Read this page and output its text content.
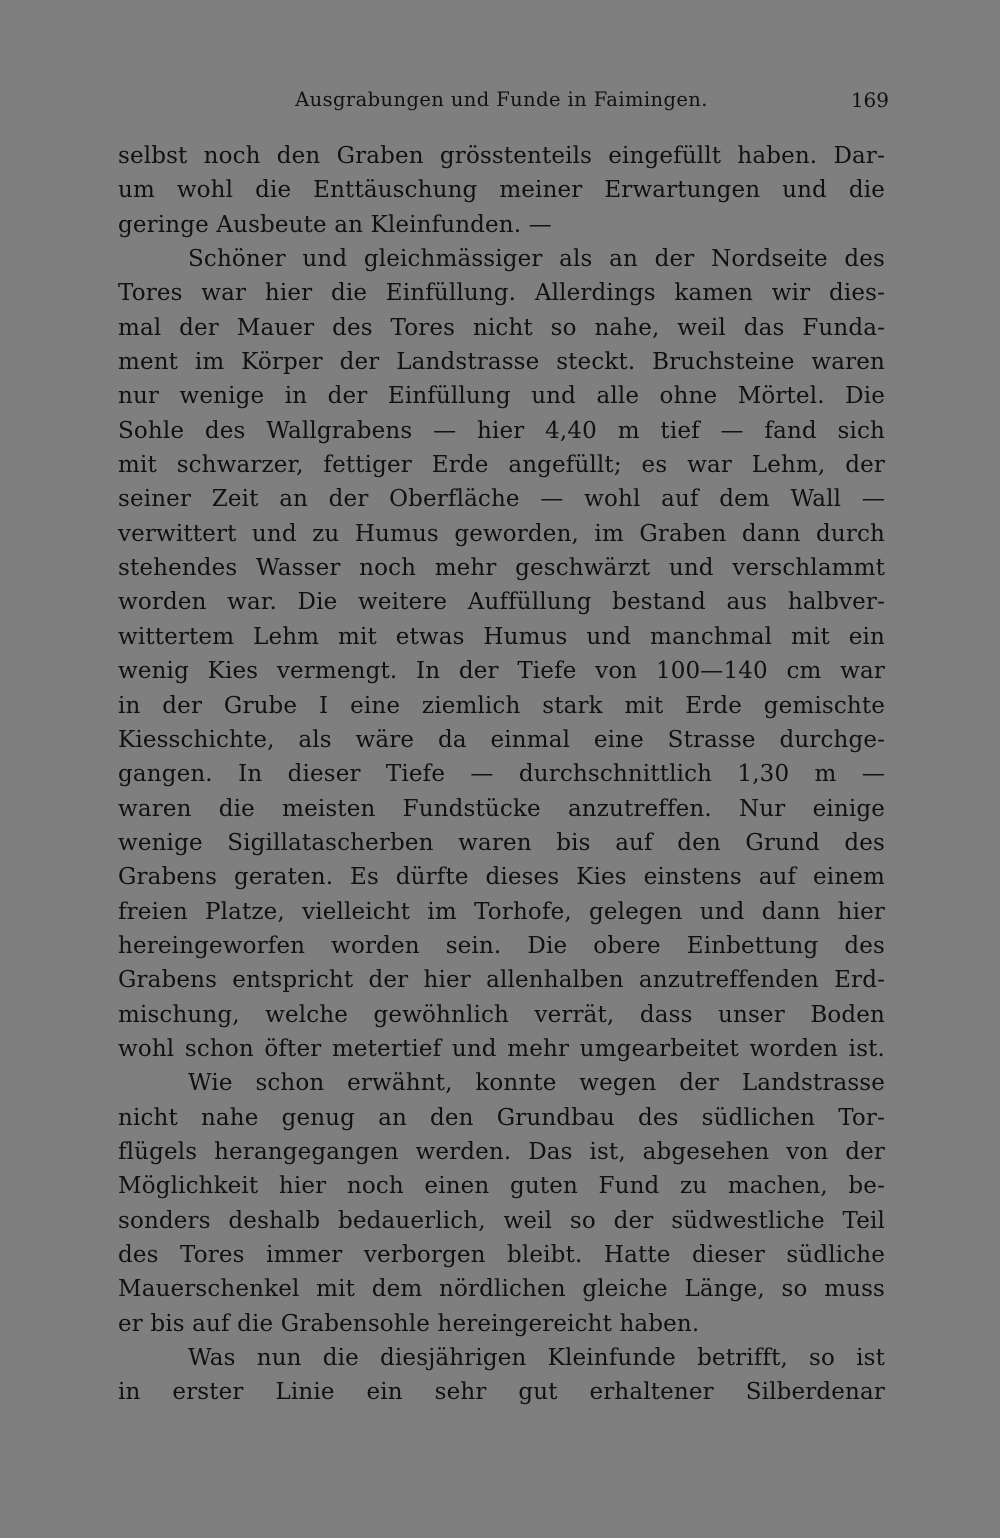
Ausgrabungen und Funde in Faimingen.	169
selbst noch den Graben grösstenteils eingefüllt haben. Dar-
um wohl die Enttäuschung meiner Erwartungen und die
geringe Ausbeute an Kleinfunden. —
Schöner und gleichmässiger als an der Nordseite des
Tores war hier die Einfüllung. Allerdings kamen wir dies-
mal der Mauer des Tores nicht so nahe, weil das Funda-
ment im Körper der Landstrasse steckt. Bruchsteine waren
nur wenige in der Einfüllung und alle ohne Mörtel. Die
Sohle des Wallgrabens — hier 4,40 m tief — fand sich
mit schwarzer, fettiger Erde angefüllt; es war Lehm, der
seiner Zeit an der Oberfläche — wohl auf dem Wall —
verwittert und zu Humus geworden, im Graben dann durch
stehendes Wasser noch mehr geschwärzt und verschlammt
worden war. Die weitere Auffüllung bestand aus halbver-
wittertem Lehm mit etwas Humus und manchmal mit ein
wenig Kies vermengt. In der Tiefe von 100—140 cm war
in der Grube I eine ziemlich stark mit Erde gemischte
Kiesschichte, als wäre da einmal eine Strasse durchge-
gangen. In dieser Tiefe — durchschnittlich 1,30 m —
waren die meisten Fundstücke anzutreffen. Nur einige
wenige Sigillatascherben waren bis auf den Grund des
Grabens geraten. Es dürfte dieses Kies einstens auf einem
freien Platze, vielleicht im Torhofe, gelegen und dann hier
hereingeworfen worden sein. Die obere Einbettung des
Grabens entspricht der hier allenhalben anzutreffenden Erd-
mischung, welche gewöhnlich verrät, dass unser Boden
wohl schon öfter metertief und mehr umgearbeitet worden ist.
Wie schon erwähnt, konnte wegen der Landstrasse
nicht nahe genug an den Grundbau des südlichen Tor-
flügels herangegangen werden. Das ist, abgesehen von der
Möglichkeit hier noch einen guten Fund zu machen, be-
sonders deshalb bedauerlich, weil so der südwestliche Teil
des Tores immer verborgen bleibt. Hatte dieser südliche
Mauerschenkel mit dem nördlichen gleiche Länge, so muss
er bis auf die Grabensohle hereingereicht haben.
Was nun die diesjährigen Kleinfunde betrifft, so ist
in erster Linie ein sehr gut erhaltener Silberdenar
